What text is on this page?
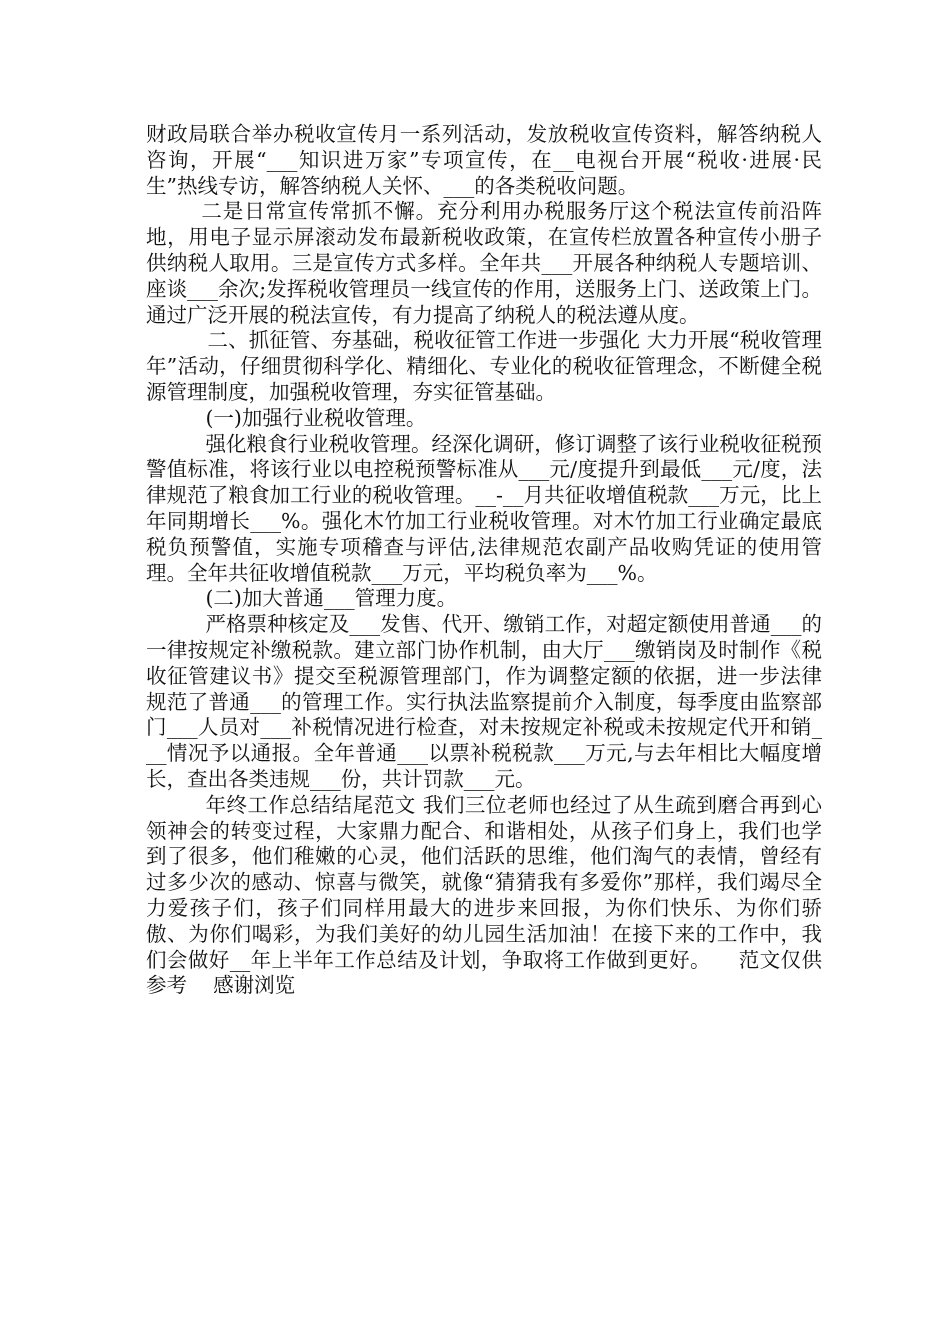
财政局联合举办税收宣传月一系列活动，发放税收宣传资料，解答纳税人咨询，开展“___知识进万家”专项宣传，在__电视台开展“税收·进展·民生”热线专访，解答纳税人关怀、___的各类税收问题。

二是日常宣传常抓不懈。充分利用办税服务厅这个税法宣传前沿阵地，用电子显示屏滚动发布最新税收政策，在宣传栏放置各种宣传小册子供纳税人取用。三是宣传方式多样。全年共___开展各种纳税人专题培训、座谈___余次;发挥税收管理员一线宣传的作用，送服务上门、送政策上门。通过广泛开展的税法宣传，有力提高了纳税人的税法遵从度。

二、抓征管、夯基础，税收征管工作进一步强化 大力开展“税收管理年”活动，仔细贯彻科学化、精细化、专业化的税收征管理念，不断健全税源管理制度，加强税收管理，夯实征管基础。

(一)加强行业税收管理。

强化粮食行业税收管理。经深化调研，修订调整了该行业税收征税预警值标准，将该行业以电控税预警标准从___元/度提升到最低___元/度，法律规范了粮食加工行业的税收管理。__-__月共征收增值税款___万元，比上年同期增长___%。强化木竹加工行业税收管理。对木竹加工行业确定最底税负预警值，实施专项稽查与评估,法律规范农副产品收购凭证的使用管理。全年共征收增值税款___万元，平均税负率为___%。

(二)加大普通___管理力度。

严格票种核定及___发售、代开、缴销工作，对超定额使用普通___的一律按规定补缴税款。建立部门协作机制，由大厅___缴销岗及时制作《税收征管建议书》提交至税源管理部门，作为调整定额的依据，进一步法律规范了普通___的管理工作。实行执法监察提前介入制度，每季度由监察部门___人员对___补税情况进行检查，对未按规定补税或未按规定代开和销___情况予以通报。全年普通___以票补税税款___万元,与去年相比大幅度增长，查出各类违规___份，共计罚款___元。

年终工作总结结尾范文 我们三位老师也经过了从生疏到磨合再到心领神会的转变过程，大家鼎力配合、和谐相处，从孩子们身上，我们也学到了很多，他们稚嫩的心灵，他们活跃的思维，他们淘气的表情，曾经有过多少次的感动、惊喜与微笑，就像“猜猜我有多爱你”那样，我们竭尽全力爱孩子们，孩子们同样用最大的进步来回报，为你们快乐、为你们骄傲、为你们喝彩，为我们美好的幼儿园生活加油！在接下来的工作中，我们会做好__年上半年工作总结及计划，争取将工作做到更好。    范文仅供参考    感谢浏览
